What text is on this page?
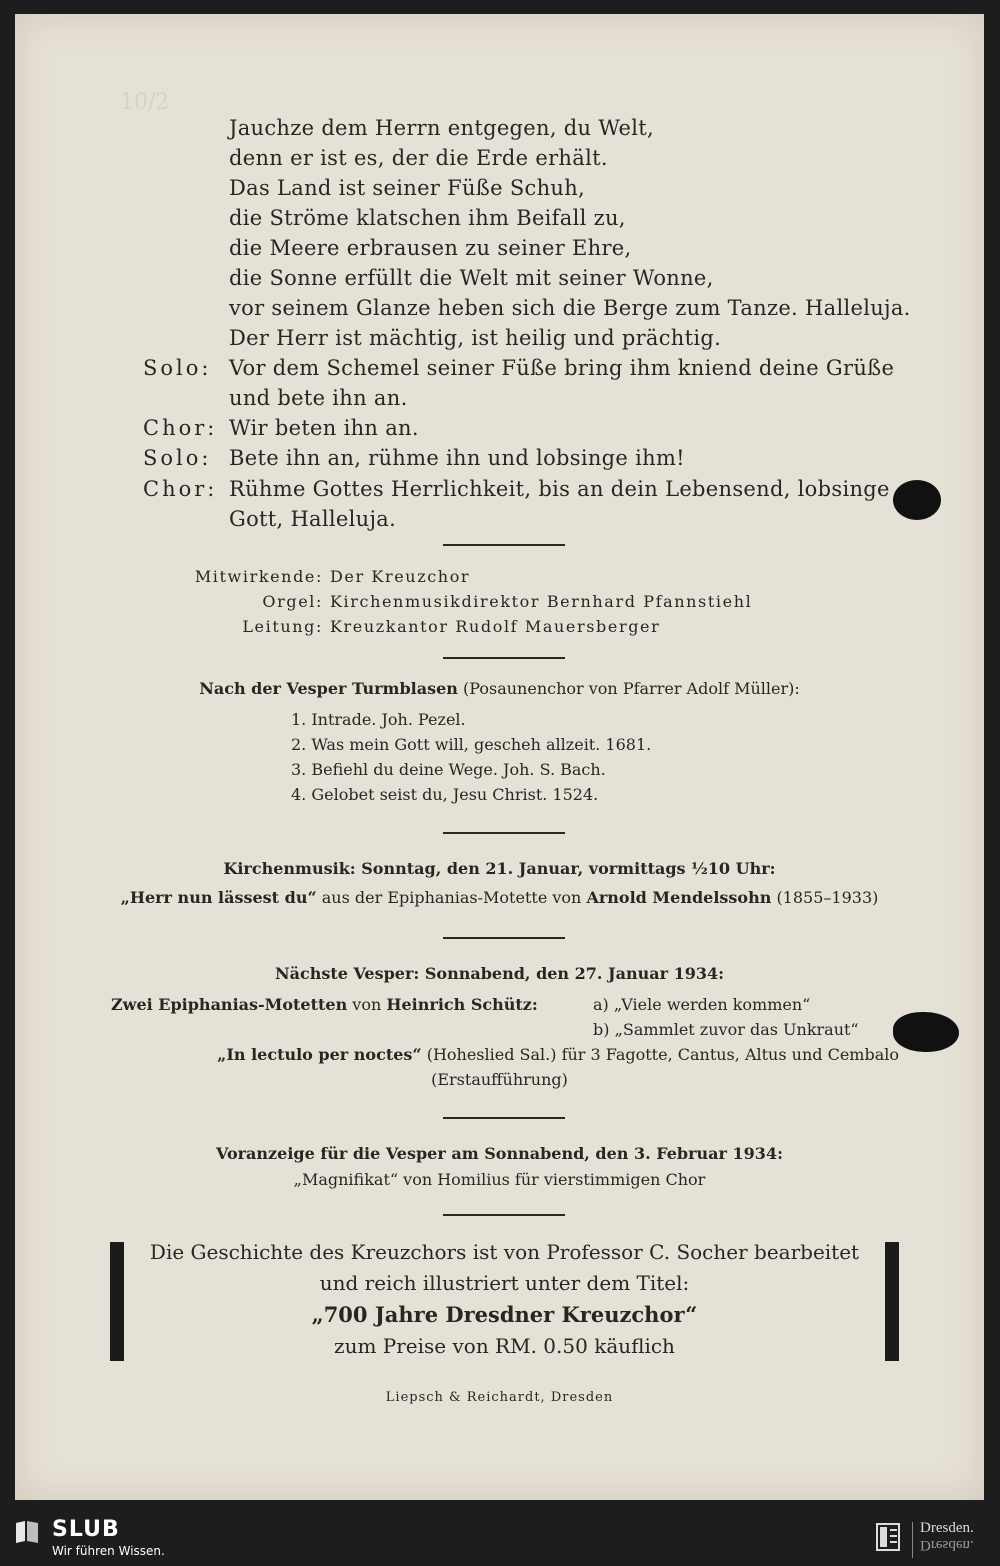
10/2
Jauchze dem Herrn entgegen, du Welt,
denn er ist es, der die Erde erhält.
Das Land ist seiner Füße Schuh,
die Ströme klatschen ihm Beifall zu,
die Meere erbrausen zu seiner Ehre,
die Sonne erfüllt die Welt mit seiner Wonne,
vor seinem Glanze heben sich die Berge zum Tanze. Halleluja.
Der Herr ist mächtig, ist heilig und prächtig.
Solo: Vor dem Schemel seiner Füße bring ihm kniend deine Grüße
und bete ihn an.
Chor: Wir beten ihn an.
Solo: Bete ihn an, rühme ihn und lobsinge ihm!
Chor: Rühme Gottes Herrlichkeit, bis an dein Lebensend, lobsinge
Gott, Halleluja.
Mitwirkende: Der Kreuzchor
Orgel: Kirchenmusikdirektor Bernhard Pfannstiehl
Leitung: Kreuzkantor Rudolf Mauersberger
Nach der Vesper Turmblasen (Posaunenchor von Pfarrer Adolf Müller):
1. Intrade. Joh. Pezel.
2. Was mein Gott will, gescheh allzeit. 1681.
3. Befiehl du deine Wege. Joh. S. Bach.
4. Gelobet seist du, Jesu Christ. 1524.
Kirchenmusik: Sonntag, den 21. Januar, vormittags ½10 Uhr:
„Herr nun lässest du“ aus der Epiphanias-Motette von Arnold Mendelssohn (1855–1933)
Nächste Vesper: Sonnabend, den 27. Januar 1934:
Zwei Epiphanias-Motetten von Heinrich Schütz:	a) „Viele werden kommen“
b) „Sammlet zuvor das Unkraut“
„In lectulo per noctes“ (Hoheslied Sal.) für 3 Fagotte, Cantus, Altus und Cembalo
(Erstaufführung)
Voranzeige für die Vesper am Sonnabend, den 3. Februar 1934:
„Magnifikat“ von Homilius für vierstimmigen Chor
Die Geschichte des Kreuzchors ist von Professor C. Socher bearbeitet
und reich illustriert unter dem Titel:
„700 Jahre Dresdner Kreuzchor“
zum Preise von RM. 0.50 käuflich
Liepsch & Reichardt, Dresden
SLUB
Wir führen Wissen.
Dresden.
Dresden.
